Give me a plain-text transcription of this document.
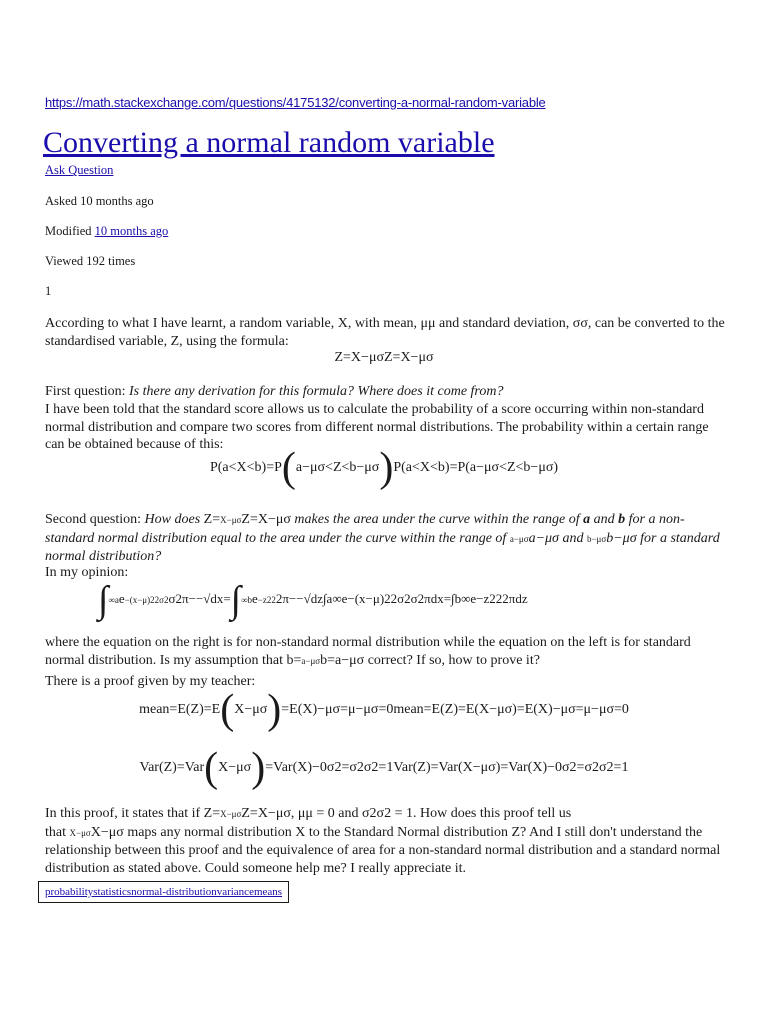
https://math.stackexchange.com/questions/4175132/converting-a-normal-random-variable
Converting a normal random variable
Ask Question
Asked 10 months ago
Modified 10 months ago
Viewed 192 times
1
According to what I have learnt, a random variable, X, with mean, μμ and standard deviation, σσ, can be converted to the standardised variable, Z, using the formula:
Z=X−μσZ=X−μσ
First question: Is there any derivation for this formula? Where does it come from?
I have been told that the standard score allows us to calculate the probability of a score occurring within non-standard normal distribution and compare two scores from different normal distributions. The probability within a certain range can be obtained because of this:
P(a<X<b)=P(a−μσ<Z<b−μσ)P(a<X<b)=P(a−μσ<Z<b−μσ)
Second question: How does Z=X−μσZ=X−μσ makes the area under the curve within the range of a and b for a non-standard normal distribution equal to the area under the curve within the range of a−μσa−μσ and b−μσb−μσ for a standard normal distribution?
In my opinion:
∫∞ae−(x−μ)22σ2σ2π−−√dx=∫∞be−z222π−−√dz∫a∞e−(x−μ)22σ2σ2πdx=∫b∞e−z222πdz
where the equation on the right is for non-standard normal distribution while the equation on the left is for standard normal distribution. Is my assumption that b=a−μσb=a−μσ correct? If so, how to prove it?
There is a proof given by my teacher:
mean=E(Z)=E(X−μσ)=E(X)−μσ=μ−μσ=0mean=E(Z)=E(X−μσ)=E(X)−μσ=μ−μσ=0
Var(Z)=Var(X−μσ)=Var(X)−0σ2=σ2σ2=1Var(Z)=Var(X−μσ)=Var(X)−0σ2=σ2σ2=1
In this proof, it states that if Z=X−μσZ=X−μσ, μμ = 0 and σ2σ2 = 1. How does this proof tell us
that X−μσX−μσ maps any normal distribution X to the Standard Normal distribution Z? And I still don't understand the relationship between this proof and the equivalence of area for a non-standard normal distribution and a standard normal distribution as stated above. Could someone help me? I really appreciate it.
probabilitystatisticsnormal-distributionvariancemeans
